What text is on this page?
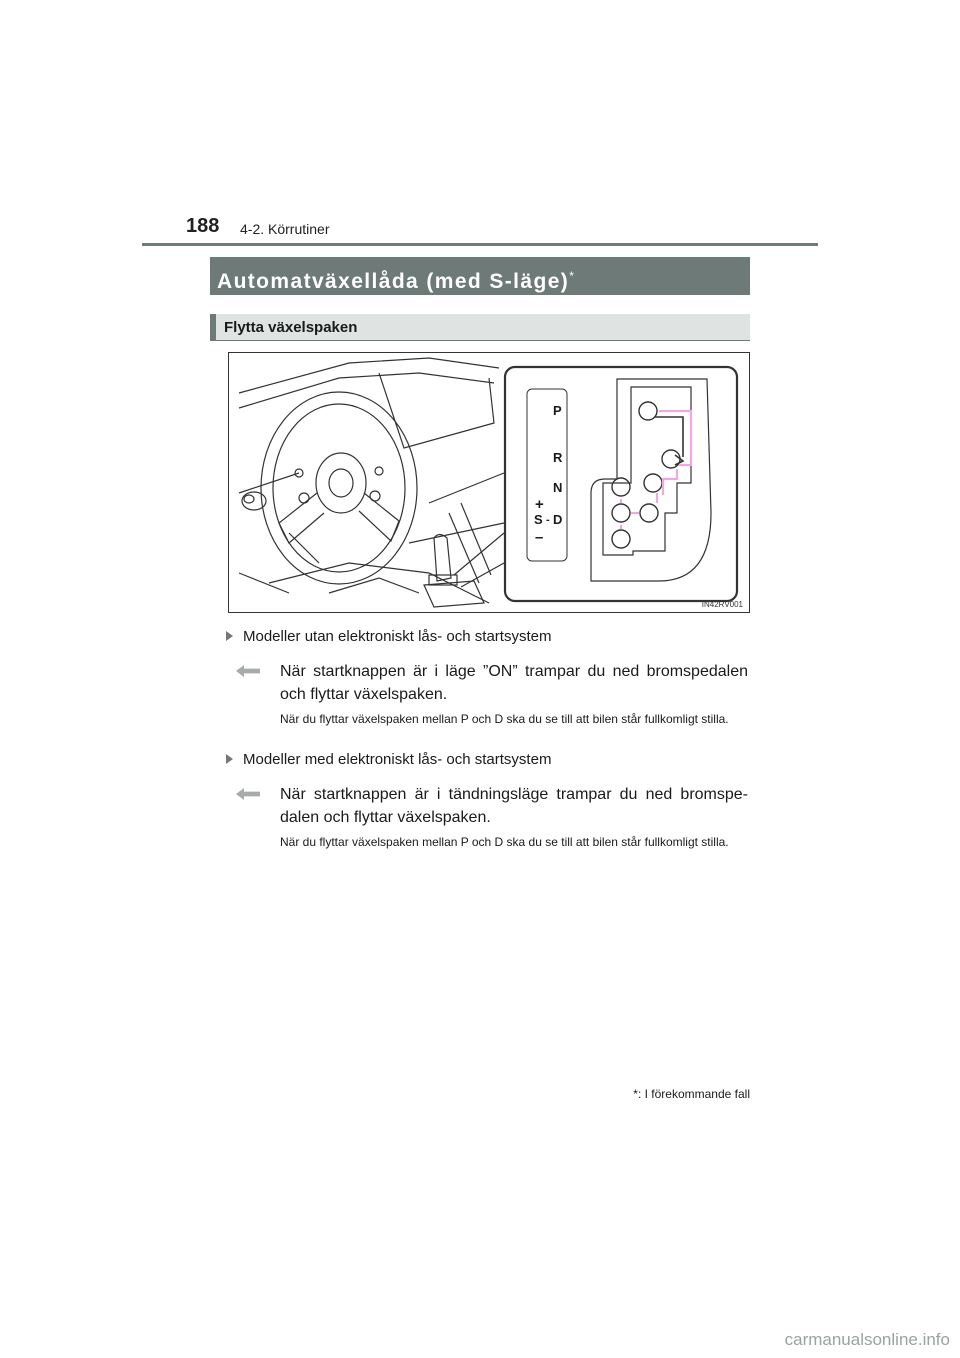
188 4-2. Körrutiner
Automatväxellåda (med S-läge)*
Flytta växelspaken
P
R
N
D
S -
+
–
IN42RV001
Modeller utan elektroniskt lås- och startsystem
När startknappen är i läge ”ON” trampar du ned bromspedalen och flyttar växelspaken.
När du flyttar växelspaken mellan P och D ska du se till att bilen står fullkomligt stilla.
Modeller med elektroniskt lås- och startsystem
När startknappen är i tändningsläge trampar du ned bromspe-dalen och flyttar växelspaken.
När du flyttar växelspaken mellan P och D ska du se till att bilen står fullkomligt stilla.
*: I förekommande fall
carmanualsonline.info
